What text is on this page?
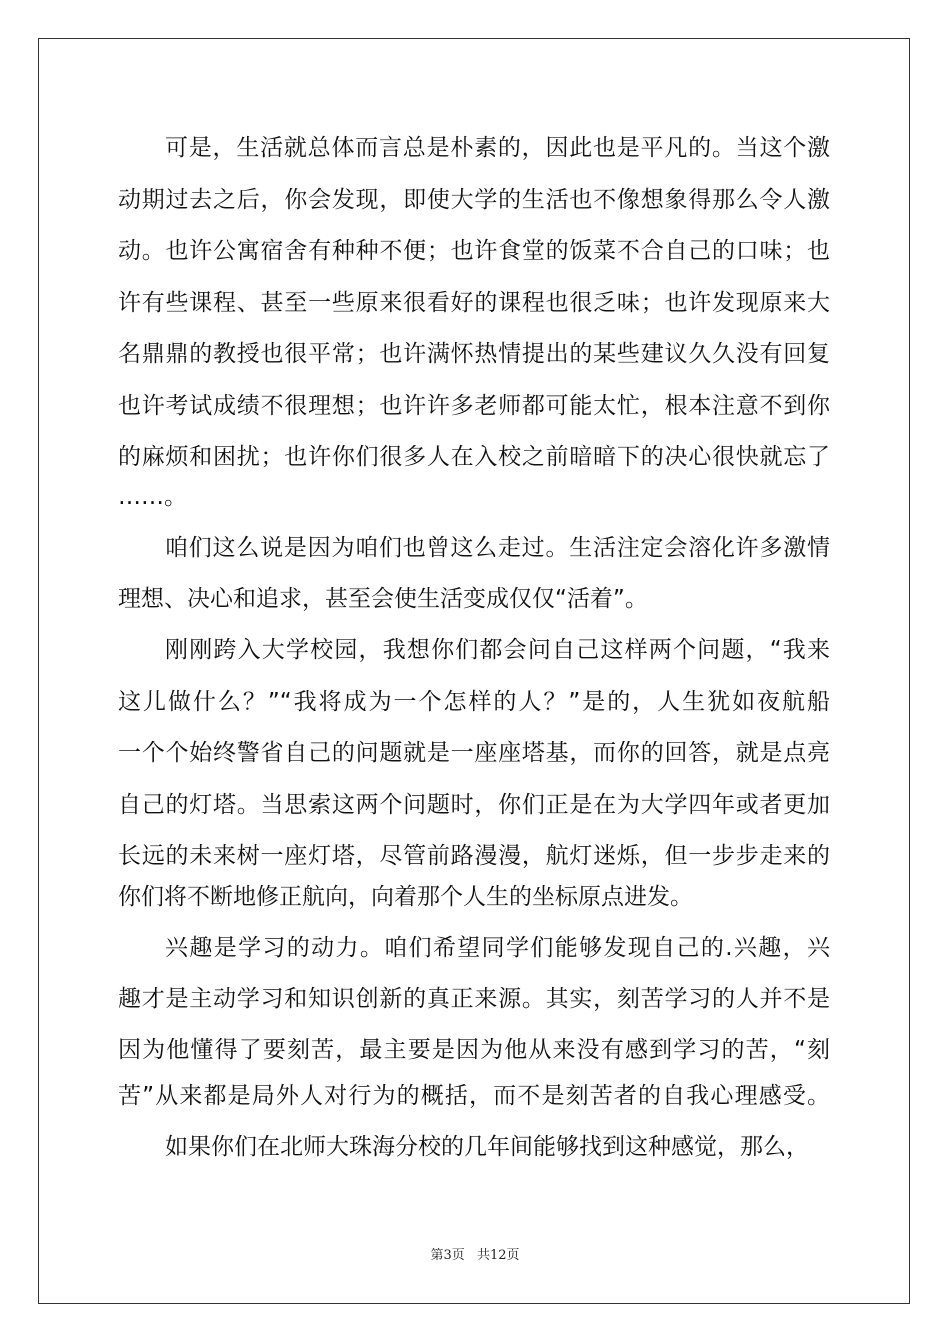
可是，生活就总体而言总是朴素的，因此也是平凡的。当这个激
动期过去之后，你会发现，即使大学的生活也不像想象得那么令人激
动。也许公寓宿舍有种种不便；也许食堂的饭菜不合自己的口味；也
许有些课程、甚至一些原来很看好的课程也很乏味；也许发现原来大
名鼎鼎的教授也很平常；也许满怀热情提出的某些建议久久没有回复
也许考试成绩不很理想；也许许多老师都可能太忙，根本注意不到你
的麻烦和困扰；也许你们很多人在入校之前暗暗下的决心很快就忘了
……。
咱们这么说是因为咱们也曾这么走过。生活注定会溶化许多激情
理想、决心和追求，甚至会使生活变成仅仅“活着”。
刚刚跨入大学校园，我想你们都会问自己这样两个问题，“我来
这儿做什么？”“我将成为一个怎样的人？”是的，人生犹如夜航船
一个个始终警省自己的问题就是一座座塔基，而你的回答，就是点亮
自己的灯塔。当思索这两个问题时，你们正是在为大学四年或者更加
长远的未来树一座灯塔，尽管前路漫漫，航灯迷烁，但一步步走来的
你们将不断地修正航向，向着那个人生的坐标原点进发。
兴趣是学习的动力。咱们希望同学们能够发现自己的.兴趣，兴
趣才是主动学习和知识创新的真正来源。其实，刻苦学习的人并不是
因为他懂得了要刻苦，最主要是因为他从来没有感到学习的苦，“刻
苦”从来都是局外人对行为的概括，而不是刻苦者的自我心理感受。
如果你们在北师大珠海分校的几年间能够找到这种感觉，那么，
第3页 共12页
